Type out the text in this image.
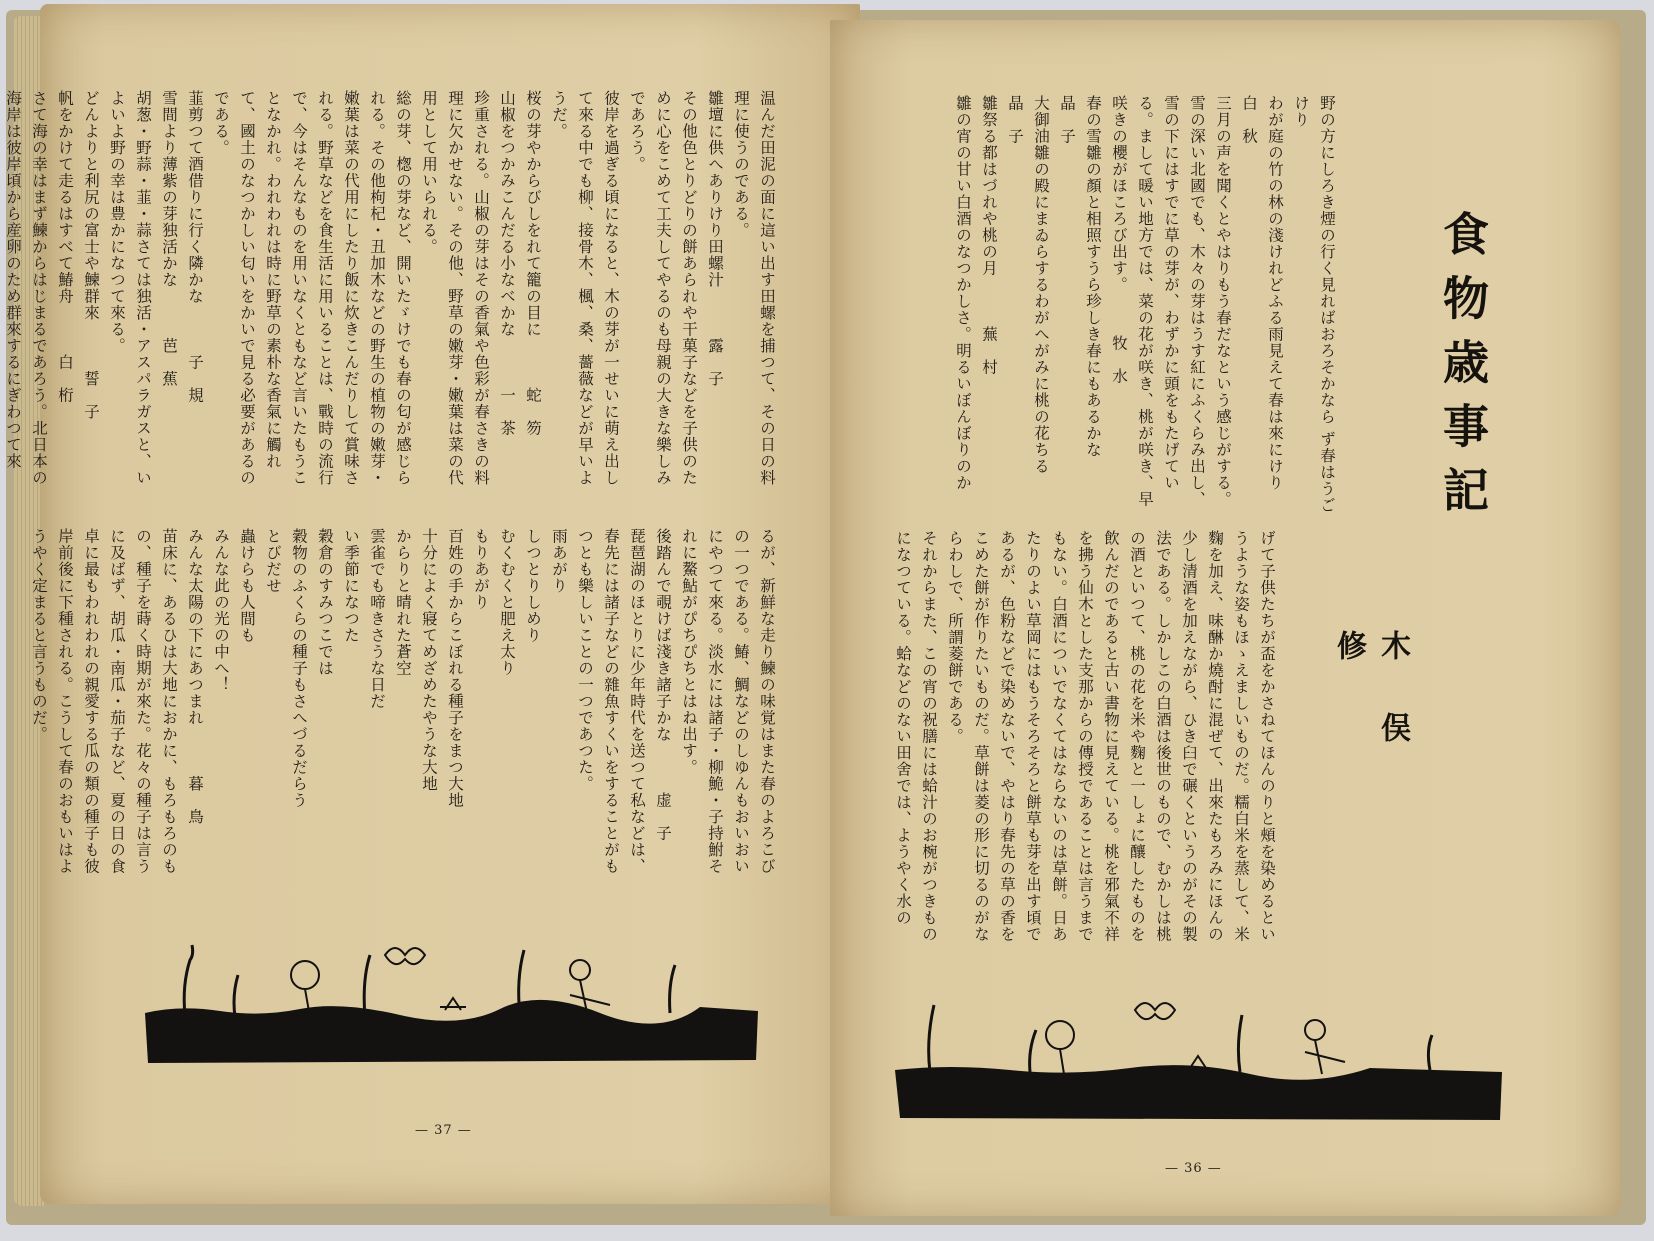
食物歳事記
木俣 修
野の方にしろき煙の行く見ればおろそかなら ず春はうごけり
わが庭の竹の林の淺けれどふる雨見えて春は來にけり　　　白　秋
三月の声を聞くとやはりもう春だなという感じがする。雪の深い北國でも、木々の芽はうす紅にふくらみ出し、雪の下にはすでに草の芽が、わずかに頭をもたげている。まして暖い地方では、菜の花が咲き、桃が咲き、早咲きの櫻がほころび出す。　　　牧　水
春の雪雛の顏と相照すうら珍しき春にもあるかな　　　晶　子
大御油雛の殿にまゐらするわがへがみに桃の花ちる　　　晶　子
雛祭る都はづれや桃の月　　　蕪　村
雛の宵の甘い白酒のなつかしさ。明るいぼんぼりのか
げて子供たちが盃をかさねてほんのりと頰を染めるというような姿もほゝえましいものだ。糯白米を蒸して、米麴を加え、味醂か燒酎に混ぜて、出來たもろみにほんの少し清酒を加えながら、ひき臼で碾くというのがその製法である。しかしこの白酒は後世のもので、むかしは桃の酒といつて、桃の花を米や麴と一しょに釀したものを飲んだのであると古い書物に見えている。桃を邪氣不祥を拂う仙木とした支那からの傳授であることは言うまでもない。白酒についでなくてはならないのは草餅。日あたりのよい草岡にはもうそろそろと餅草も芽を出す頃であるが、色粉などで染めないで、やはり春先の草の香をこめた餅が作りたいものだ。草餅は菱の形に切るのがならわしで、所謂菱餅である。
それからまた、この宵の祝膳には蛤汁のお椀がつきものになつている。蛤などのない田舍では、ようやく水の
温んだ田泥の面に這い出す田螺を捕つて、その日の料理に使うのである。
雛壇に供へありけり田螺汁　　　露　子
その他色とりどりの餅あられや干菓子などを子供のために心をこめて工夫してやるのも母親の大きな樂しみであろう。
彼岸を過ぎる頃になると、木の芽が一せいに萌え出して來る中でも柳、接骨木、楓、桑、薔薇などが早いようだ。
桜の芽やからびしをれて籠の目に　　　蛇　笏
山椒をつかみこんだる小なべかな　　　一　茶
珍重される。山椒の芽はその香氣や色彩が春さきの料理に欠かせない。その他、野草の嫩芽・嫩葉は菜の代用として用いられる。
総の芽、楤の芽など、開いたゞけでも春の匂が感じられる。その他枸杞・丑加木などの野生の植物の嫩芽・嫩葉は菜の代用にしたり飯に炊きこんだりして賞味される。野草などを食生活に用いることは、戰時の流行で、今はそんなものを用いなくともなど言いたもうことなかれ。われわれは時に野草の素朴な香氣に觸れて、國土のなつかしい匂いをかいで見る必要があるのである。
韮剪つて酒借りに行く隣かな　　　子　規
雪間より薄紫の芽独活かな　　　芭　蕉
胡葱・野蒜・韮・蒜さては独活・アスパラガスと、いよいよ野の幸は豊かになつて來る。
どんよりと利尻の富士や鰊群來　　　誓　子
帆をかけて走るはすべて鰆舟　　　白　桁
さて海の幸はまず鰊からはじまるであろう。北日本の海岸は彼岸頃から産卵のため群來するにぎわつて來
るが、新鮮な走り鰊の味覚はまた春のよろこびの一つである。鰆、鯛などのしゆんもおいおいにやつて來る。淡水には諸子・柳鮠・子持鮒それに鰲鮎がぴちぴちとはね出す。
後踏んで覗けば淺き諸子かな　　　虚　子
琵琶湖のほとりに少年時代を送つて私などは、春先には諸子などの雜魚すくいをすることがもつとも樂しいことの一つであつた。
雨あがり
しつとりしめり
むくむくと肥え太り
もりあがり
百姓の手からこぼれる種子をまつ大地
十分によく寢てめざめたやうな大地
からりと晴れた蒼空
雲雀でも啼きさうな日だ
い季節になつた
穀倉のすみつこでは
穀物のふくらの種子もさへづるだらう
とびだせ
蟲けらも人間も
みんな此の光の中へ！
みんな太陽の下にあつまれ　　　暮　鳥
苗床に、あるひは大地におかに、もろもろのもの、種子を蒔く時期が來た。花々の種子は言うに及ばず、胡瓜・南瓜・茄子など、夏の日の食卓に最もわれわれの親愛する瓜の類の種子も彼岸前後に下種される。こうして春のおもいはようやく定まると言うものだ。
— 37 —
— 36 —
